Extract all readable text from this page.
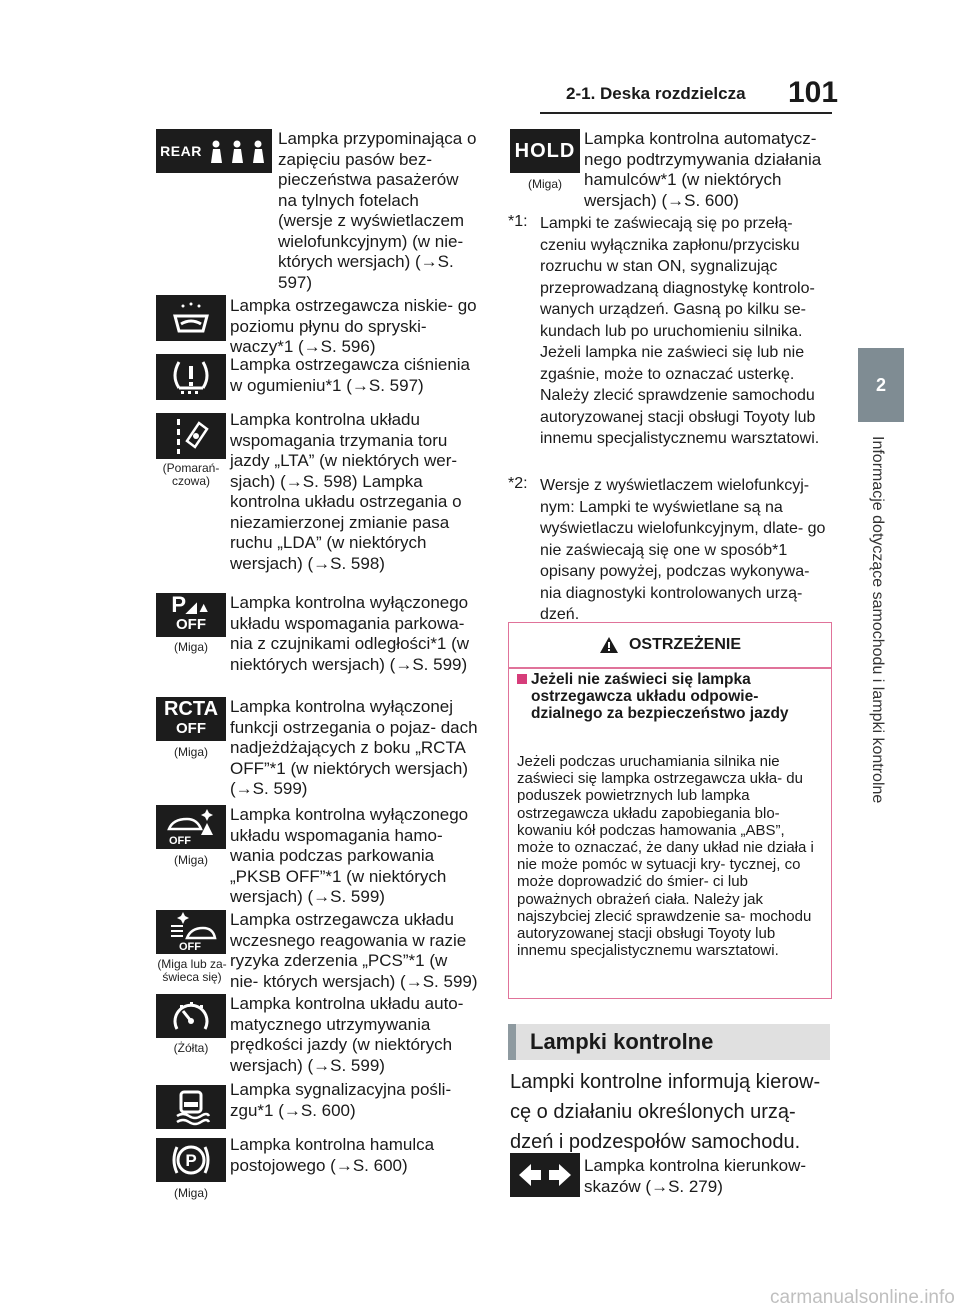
2-1. Deska rozdzielcza 101
2
Informacje dotyczące samochodu i lampki kontrolne
REAR
Lampka przypominająca o zapięciu pasów bez- pieczeństwa pasażerów na tylnych fotelach (wersje z wyświetlaczem wielofunkcyjnym) (w nie- których wersjach) (→S. 597)
Lampka ostrzegawcza niskie- go poziomu płynu do spryski- waczy*1 (→S. 596)
Lampka ostrzegawcza ciśnienia w ogumieniu*1 (→S. 597)
(Pomarań- czowa)
Lampka kontrolna układu wspomagania trzymania toru jazdy „LTA” (w niektórych wer- sjach) (→S. 598) Lampka kontrolna układu ostrzegania o niezamierzonej zmianie pasa ruchu „LDA” (w niektórych wersjach) (→S. 598)
P◢▲
OFF
(Miga)
Lampka kontrolna wyłączonego układu wspomagania parkowa- nia z czujnikami odległości*1 (w niektórych wersjach) (→S. 599)
RCTA
OFF
(Miga)
Lampka kontrolna wyłączonej funkcji ostrzegania o pojaz- dach nadjeżdżających z boku „RCTA OFF”*1 (w niektórych wersjach) (→S. 599)
OFF
(Miga)
Lampka kontrolna wyłączonego układu wspomagania hamo- wania podczas parkowania „PKSB OFF”*1 (w niektórych wersjach) (→S. 599)
OFF
(Miga lub za- świeca się)
Lampka ostrzegawcza układu wczesnego reagowania w razie ryzyka zderzenia „PCS”*1 (w nie- których wersjach) (→S. 599)
(Żółta)
Lampka kontrolna układu auto- matycznego utrzymywania prędkości jazdy (w niektórych wersjach) (→S. 599)
Lampka sygnalizacyjna pośli- zgu*1 (→S. 600)
P
(Miga)
Lampka kontrolna hamulca postojowego (→S. 600)
HOLD
(Miga)
Lampka kontrolna automatycz- nego podtrzymywania działania hamulców*1 (w niektórych wersjach) (→S. 600)
*1: Lampki te zaświecają się po przełą- czeniu wyłącznika zapłonu/przycisku rozruchu w stan ON, sygnalizując przeprowadzaną diagnostykę kontrolo- wanych urządzeń. Gasną po kilku se- kundach lub po uruchomieniu silnika. Jeżeli lampka nie zaświeci się lub nie zgaśnie, może to oznaczać usterkę. Należy zlecić sprawdzenie samochodu autoryzowanej stacji obsługi Toyoty lub innemu specjalistycznemu warsztatowi.
*2: Wersje z wyświetlaczem wielofunkcyj- nym: Lampki te wyświetlane są na wyświetlaczu wielofunkcyjnym, dlate- go nie zaświecają się one w sposób*1 opisany powyżej, podczas wykonywa- nia diagnostyki kontrolowanych urzą- dzeń.
OSTRZEŻENIE
Jeżeli nie zaświeci się lampka ostrzegawcza układu odpowie- dzialnego za bezpieczeństwo jazdy
Jeżeli podczas uruchamiania silnika nie zaświeci się lampka ostrzegawcza ukła- du poduszek powietrznych lub lampka ostrzegawcza układu zapobiegania blo- kowaniu kół podczas hamowania „ABS”, może to oznaczać, że dany układ nie działa i nie może pomóc w sytuacji kry- tycznej, co może doprowadzić do śmier- ci lub poważnych obrażeń ciała. Należy jak najszybciej zlecić sprawdzenie sa- mochodu autoryzowanej stacji obsługi Toyoty lub innemu specjalistycznemu warsztatowi.
Lampki kontrolne
Lampki kontrolne informują kierow- cę o działaniu określonych urzą- dzeń i podzespołów samochodu.
Lampka kontrolna kierunkow- skazów (→S. 279)
carmanualsonline.info
